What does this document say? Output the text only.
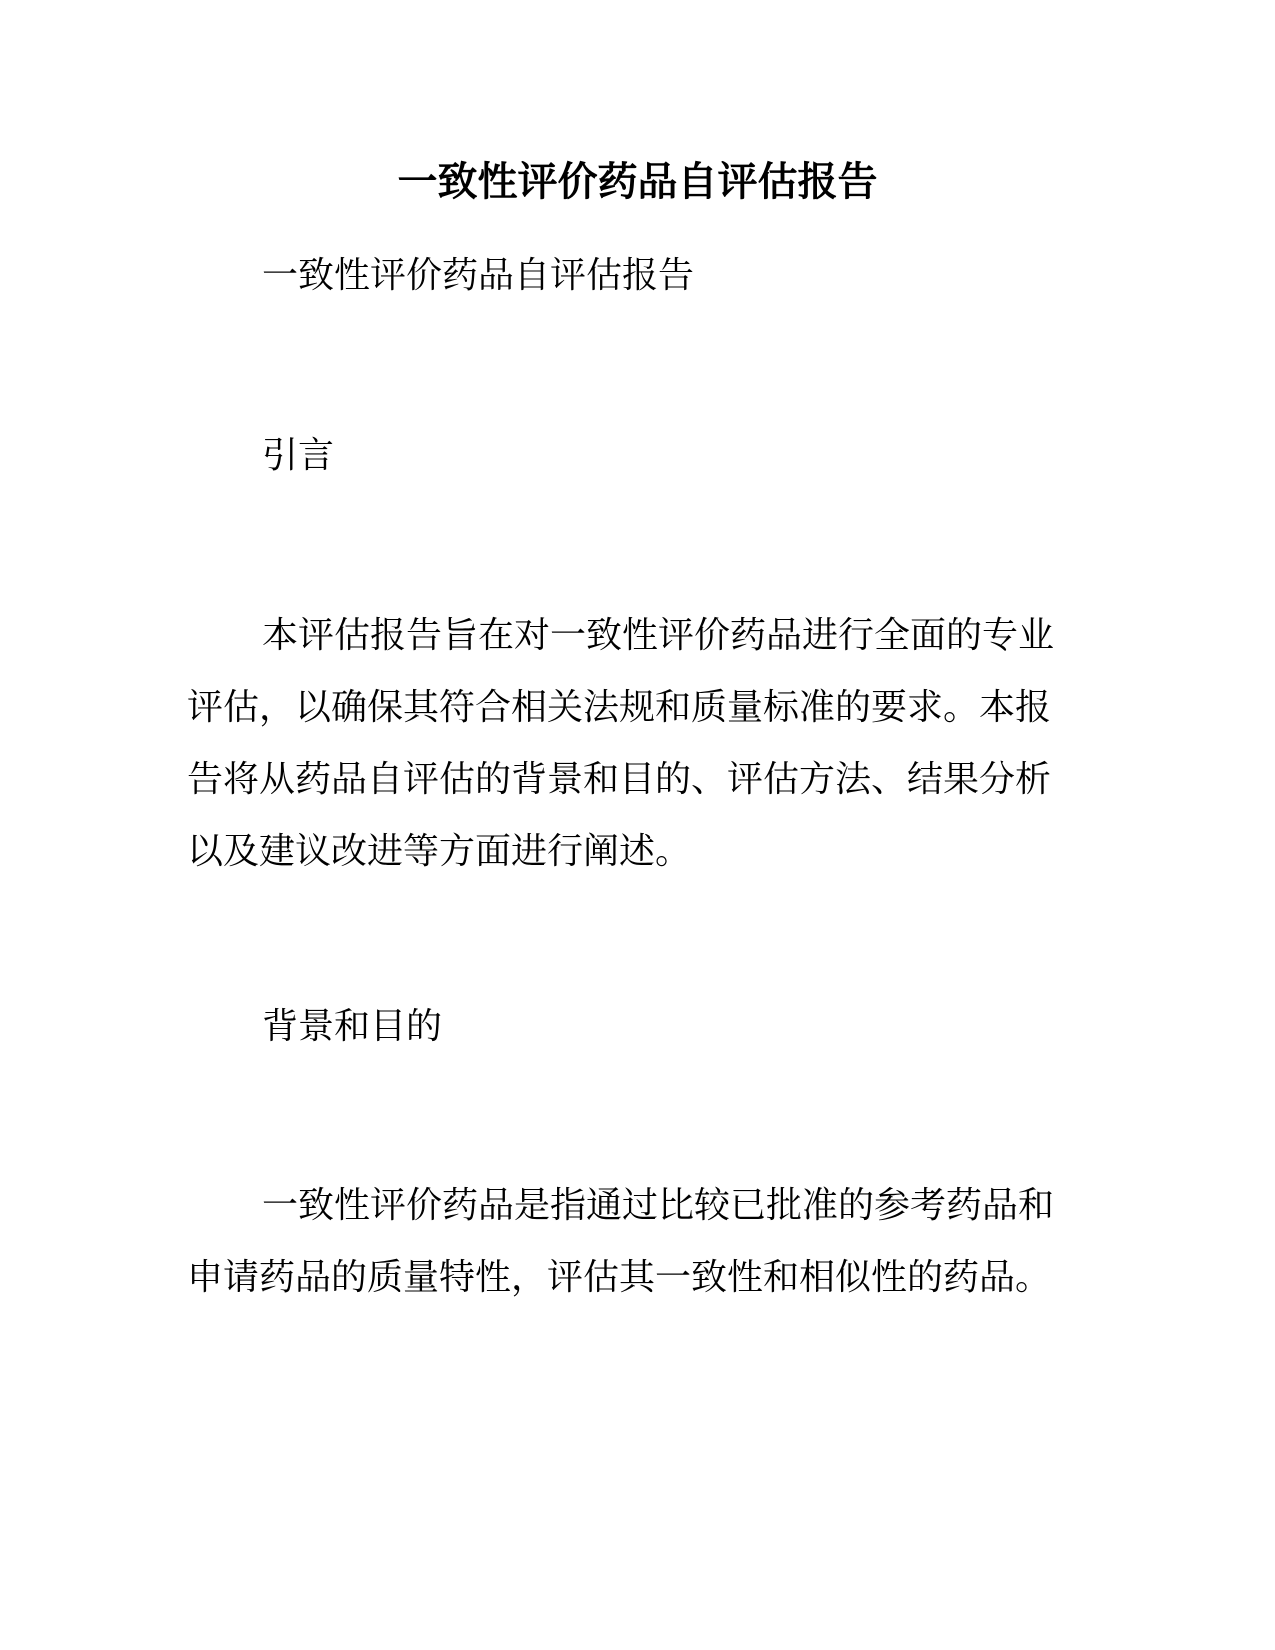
一致性评价药品自评估报告

一致性评价药品自评估报告

引言

本评估报告旨在对一致性评价药品进行全面的专业
评估，以确保其符合相关法规和质量标准的要求。本报
告将从药品自评估的背景和目的、评估方法、结果分析
以及建议改进等方面进行阐述。

背景和目的

一致性评价药品是指通过比较已批准的参考药品和
申请药品的质量特性，评估其一致性和相似性的药品。
